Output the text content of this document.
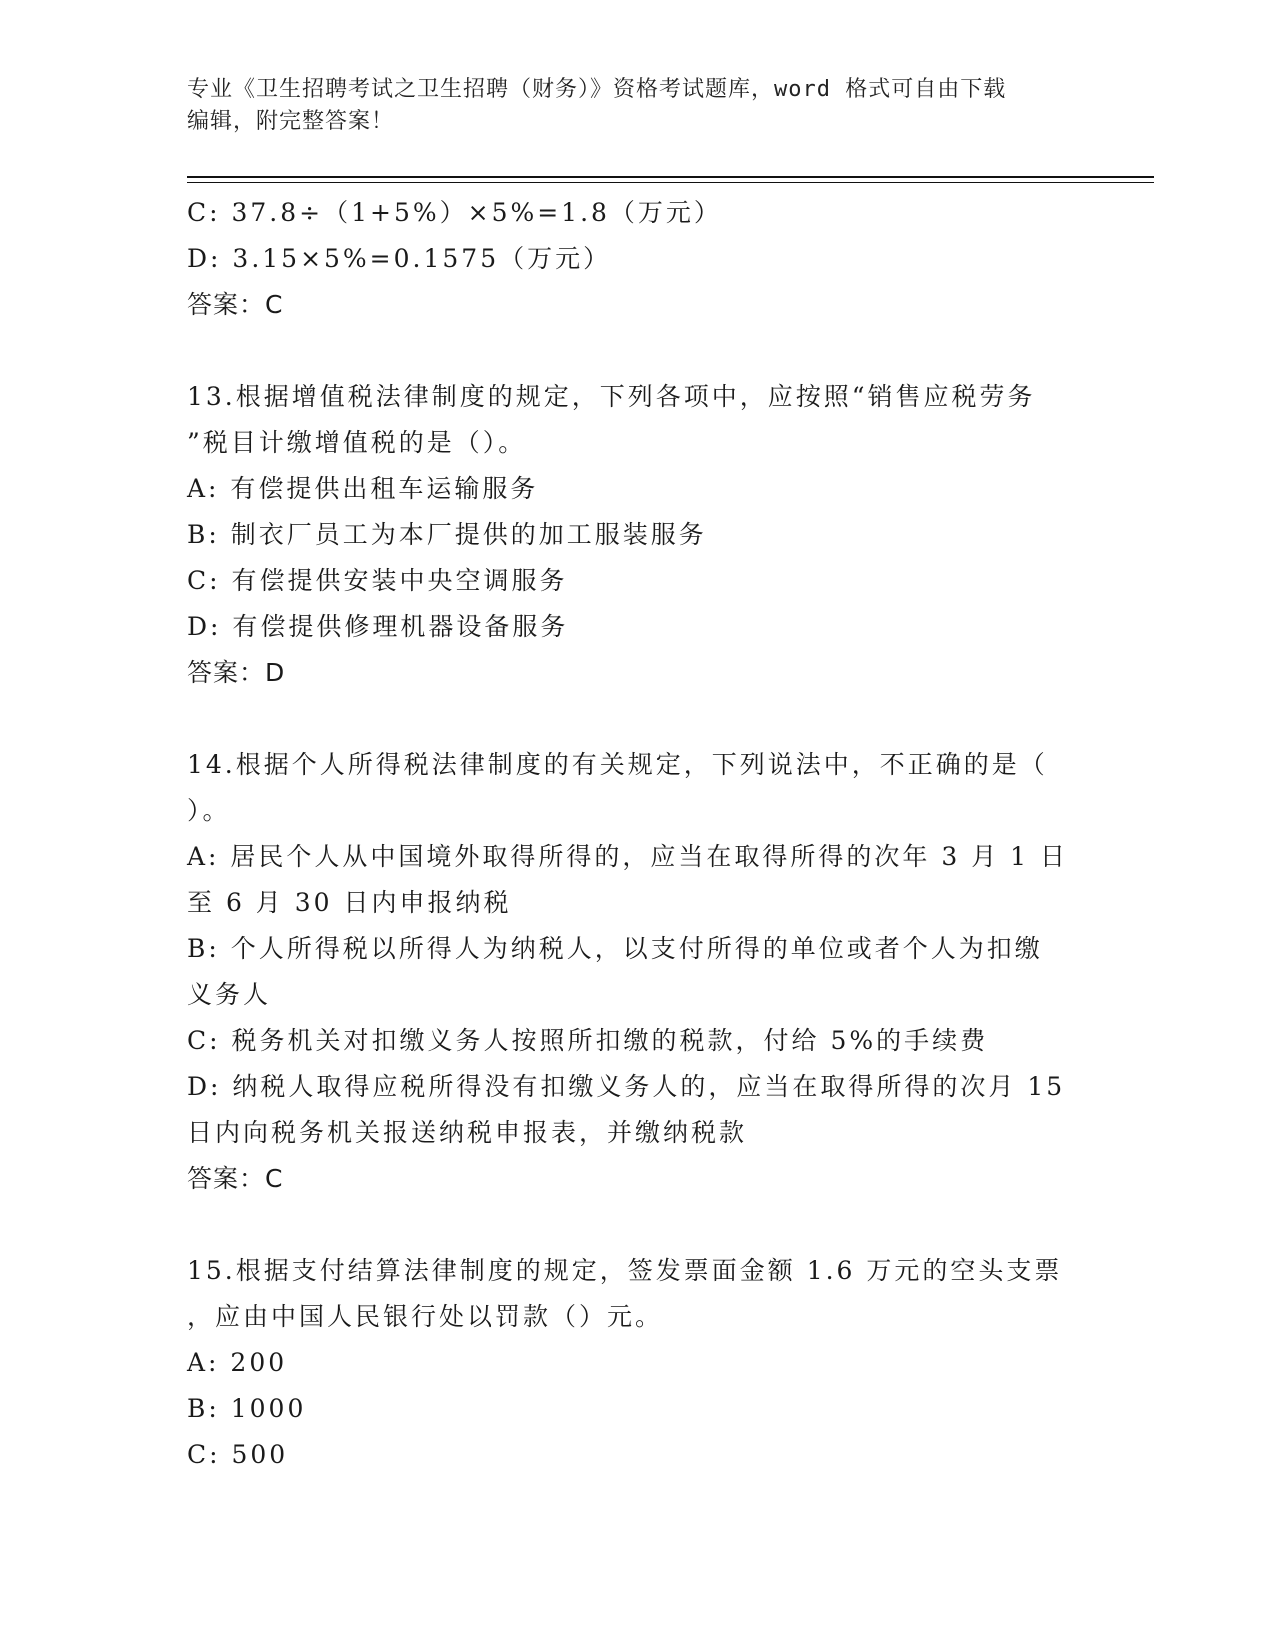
专业《卫生招聘考试之卫生招聘（财务）》资格考试题库，word 格式可自由下载
编辑，附完整答案！
C: 37.8÷（1+5%）×5%=1.8（万元）
D: 3.15×5%=0.1575（万元）
答案：C
13.根据增值税法律制度的规定，下列各项中，应按照“销售应税劳务
”税目计缴增值税的是（）。
A: 有偿提供出租车运输服务
B: 制衣厂员工为本厂提供的加工服装服务
C: 有偿提供安装中央空调服务
D: 有偿提供修理机器设备服务
答案：D
14.根据个人所得税法律制度的有关规定，下列说法中，不正确的是（
）。
A: 居民个人从中国境外取得所得的，应当在取得所得的次年 3 月 1 日
至 6 月 30 日内申报纳税
B: 个人所得税以所得人为纳税人，以支付所得的单位或者个人为扣缴
义务人
C: 税务机关对扣缴义务人按照所扣缴的税款，付给 5%的手续费
D: 纳税人取得应税所得没有扣缴义务人的，应当在取得所得的次月 15
日内向税务机关报送纳税申报表，并缴纳税款
答案：C
15.根据支付结算法律制度的规定，签发票面金额 1.6 万元的空头支票
，应由中国人民银行处以罚款（）元。
A: 200
B: 1000
C: 500
